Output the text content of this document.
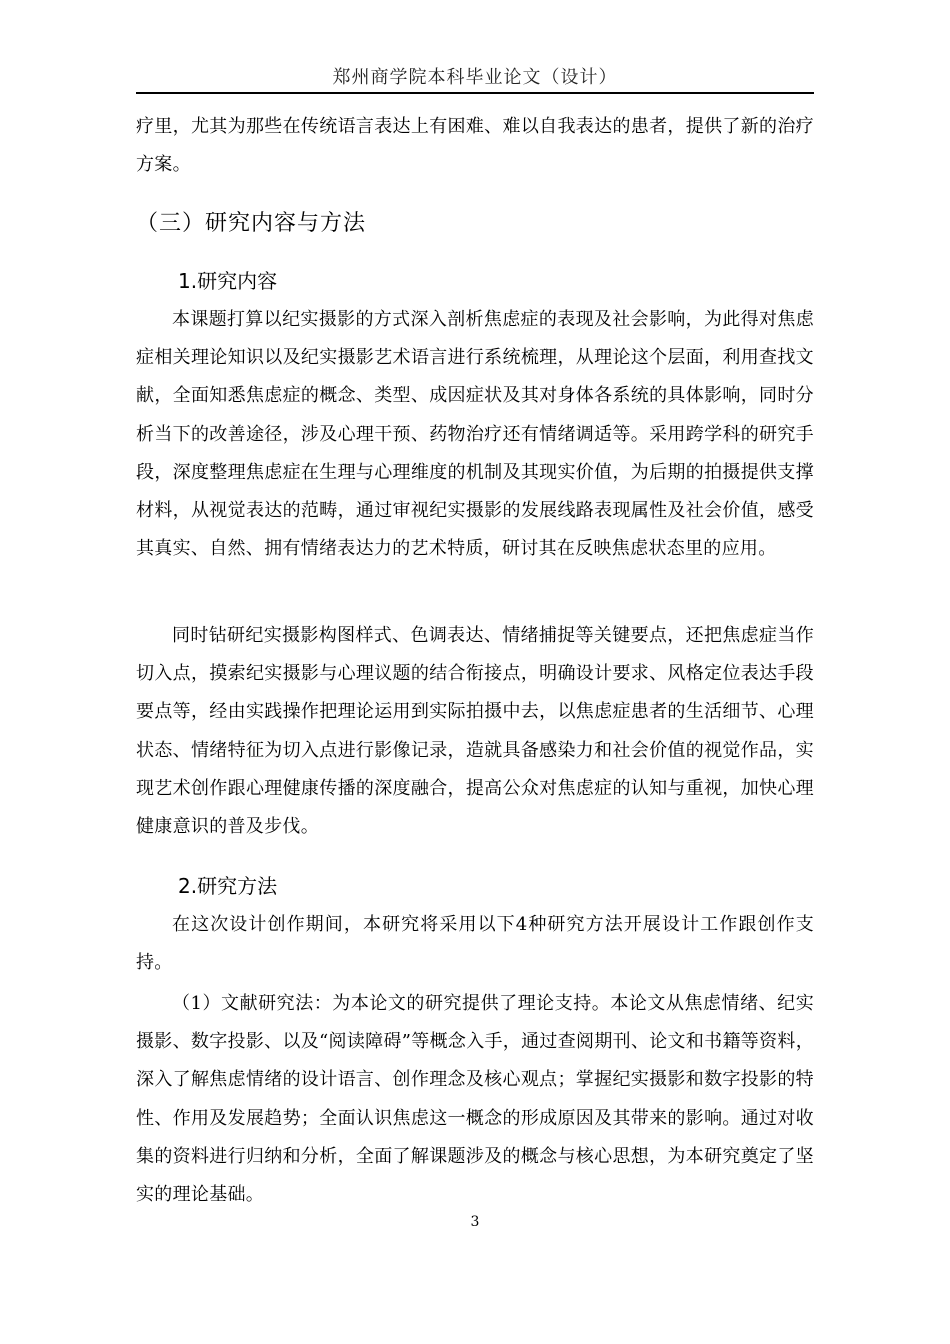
郑州商学院本科毕业论文（设计）

疗里，尤其为那些在传统语言表达上有困难、难以自我表达的患者，提供了新的治疗方案。

（三）研究内容与方法
1.研究内容

本课题打算以纪实摄影的方式深入剖析焦虑症的表现及社会影响，为此得对焦虑症相关理论知识以及纪实摄影艺术语言进行系统梳理，从理论这个层面，利用查找文献，全面知悉焦虑症的概念、类型、成因症状及其对身体各系统的具体影响，同时分析当下的改善途径，涉及心理干预、药物治疗还有情绪调适等。采用跨学科的研究手段，深度整理焦虑症在生理与心理维度的机制及其现实价值，为后期的拍摄提供支撑材料，从视觉表达的范畴，通过审视纪实摄影的发展线路表现属性及社会价值，感受其真实、自然、拥有情绪表达力的艺术特质，研讨其在反映焦虑状态里的应用。

同时钻研纪实摄影构图样式、色调表达、情绪捕捉等关键要点，还把焦虑症当作切入点，摸索纪实摄影与心理议题的结合衔接点，明确设计要求、风格定位表达手段要点等，经由实践操作把理论运用到实际拍摄中去，以焦虑症患者的生活细节、心理状态、情绪特征为切入点进行影像记录，造就具备感染力和社会价值的视觉作品，实现艺术创作跟心理健康传播的深度融合，提高公众对焦虑症的认知与重视，加快心理健康意识的普及步伐。

2.研究方法

在这次设计创作期间，本研究将采用以下4种研究方法开展设计工作跟创作支持。

（1）文献研究法：为本论文的研究提供了理论支持。本论文从焦虑情绪、纪实摄影、数字投影、以及“阅读障碍”等概念入手，通过查阅期刊、论文和书籍等资料，深入了解焦虑情绪的设计语言、创作理念及核心观点；掌握纪实摄影和数字投影的特性、作用及发展趋势；全面认识焦虑这一概念的形成原因及其带来的影响。通过对收集的资料进行归纳和分析，全面了解课题涉及的概念与核心思想，为本研究奠定了坚实的理论基础。

3
